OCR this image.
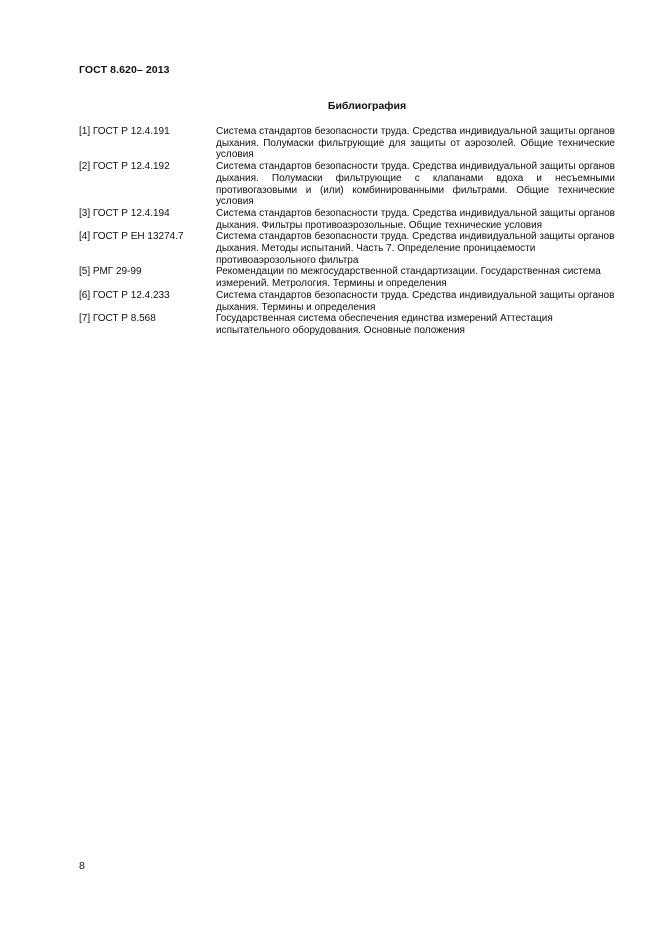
ГОСТ 8.620– 2013
Библиография
[1] ГОСТ Р 12.4.191	Система стандартов безопасности труда. Средства индивидуальной защиты органов дыхания. Полумаски фильтрующие для защиты от аэрозолей. Общие технические условия
[2] ГОСТ Р 12.4.192	Система стандартов безопасности труда. Средства индивидуальной защиты органов дыхания. Полумаски фильтрующие с клапанами вдоха и несъемными противогазовыми и (или) комбинированными фильтрами. Общие технические условия
[3] ГОСТ Р 12.4.194	Система стандартов безопасности труда. Средства индивидуальной защиты органов дыхания. Фильтры противоаэрозольные. Общие технические условия
[4] ГОСТ Р ЕН 13274.7	Система стандартов безопасности труда. Средства индивидуальной защиты органов дыхания. Методы испытаний. Часть 7. Определение проницаемости противоаэрозольного фильтра
[5] РМГ 29-99	Рекомендации по межгосударственной стандартизации. Государственная система измерений. Метрология. Термины и определения
[6] ГОСТ Р 12.4.233	Система стандартов безопасности труда. Средства индивидуальной защиты органов дыхания. Термины и определения
[7] ГОСТ Р 8.568	Государственная система обеспечения единства измерений Аттестация испытательного оборудования. Основные положения
8
